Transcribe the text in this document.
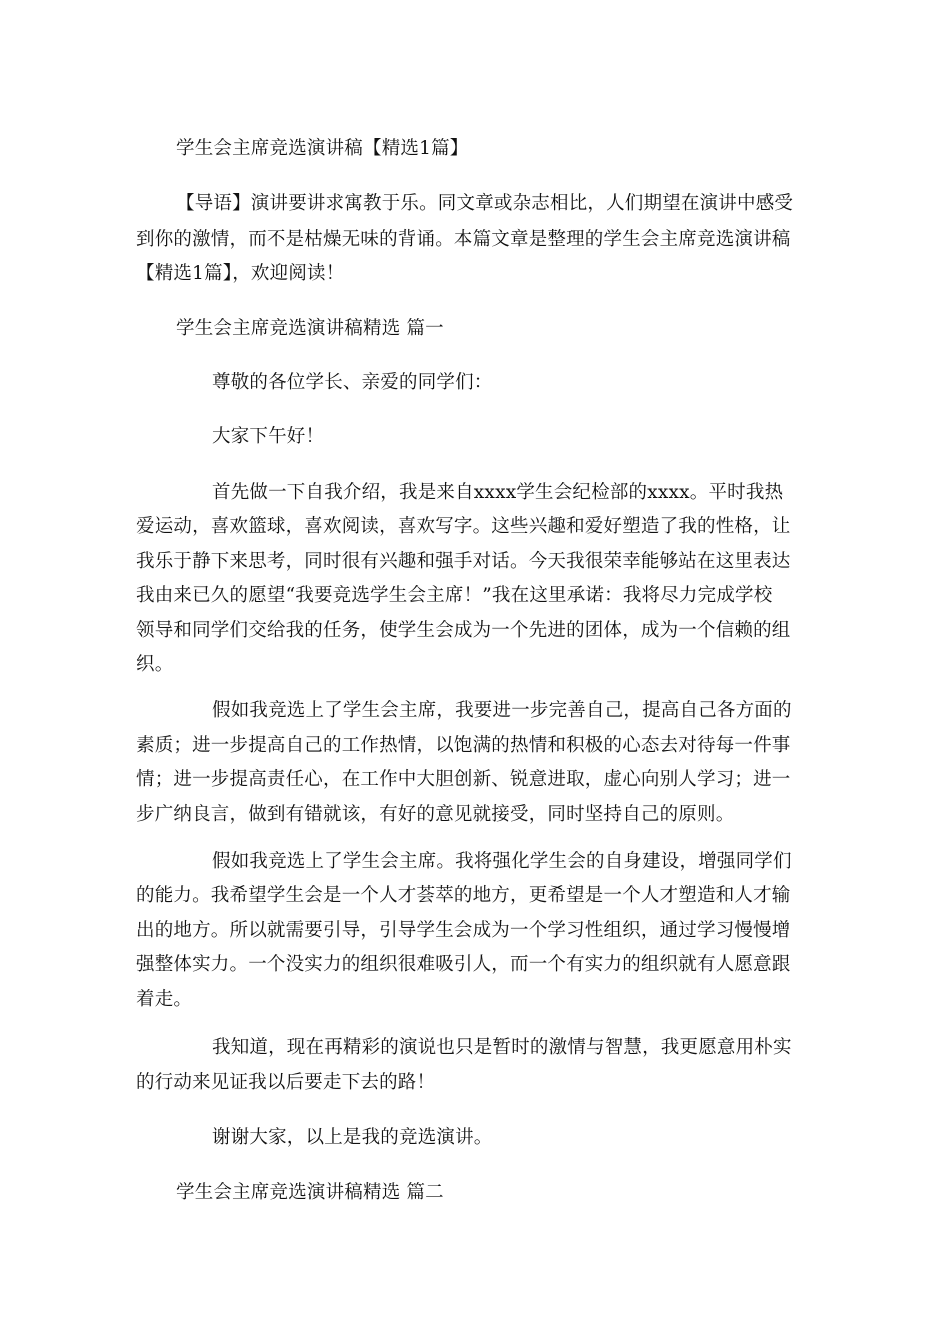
学生会主席竞选演讲稿【精选1篇】
【导语】演讲要讲求寓教于乐。同文章或杂志相比，人们期望在演讲中感受
到你的激情，而不是枯燥无味的背诵。本篇文章是整理的学生会主席竞选演讲稿
【精选1篇】，欢迎阅读！
学生会主席竞选演讲稿精选 篇一
尊敬的各位学长、亲爱的同学们：
大家下午好！
首先做一下自我介绍，我是来自xxxx学生会纪检部的xxxx。平时我热
爱运动，喜欢篮球，喜欢阅读，喜欢写字。这些兴趣和爱好塑造了我的性格，让
我乐于静下来思考，同时很有兴趣和强手对话。今天我很荣幸能够站在这里表达
我由来已久的愿望“我要竞选学生会主席！”我在这里承诺：我将尽力完成学校
领导和同学们交给我的任务，使学生会成为一个先进的团体，成为一个信赖的组
织。
假如我竞选上了学生会主席，我要进一步完善自己，提高自己各方面的
素质；进一步提高自己的工作热情，以饱满的热情和积极的心态去对待每一件事
情；进一步提高责任心，在工作中大胆创新、锐意进取，虚心向别人学习；进一
步广纳良言，做到有错就该，有好的意见就接受，同时坚持自己的原则。
假如我竞选上了学生会主席。我将强化学生会的自身建设，增强同学们
的能力。我希望学生会是一个人才荟萃的地方，更希望是一个人才塑造和人才输
出的地方。所以就需要引导，引导学生会成为一个学习性组织，通过学习慢慢增
强整体实力。一个没实力的组织很难吸引人，而一个有实力的组织就有人愿意跟
着走。
我知道，现在再精彩的演说也只是暂时的激情与智慧，我更愿意用朴实
的行动来见证我以后要走下去的路！
谢谢大家，以上是我的竞选演讲。
学生会主席竞选演讲稿精选 篇二
